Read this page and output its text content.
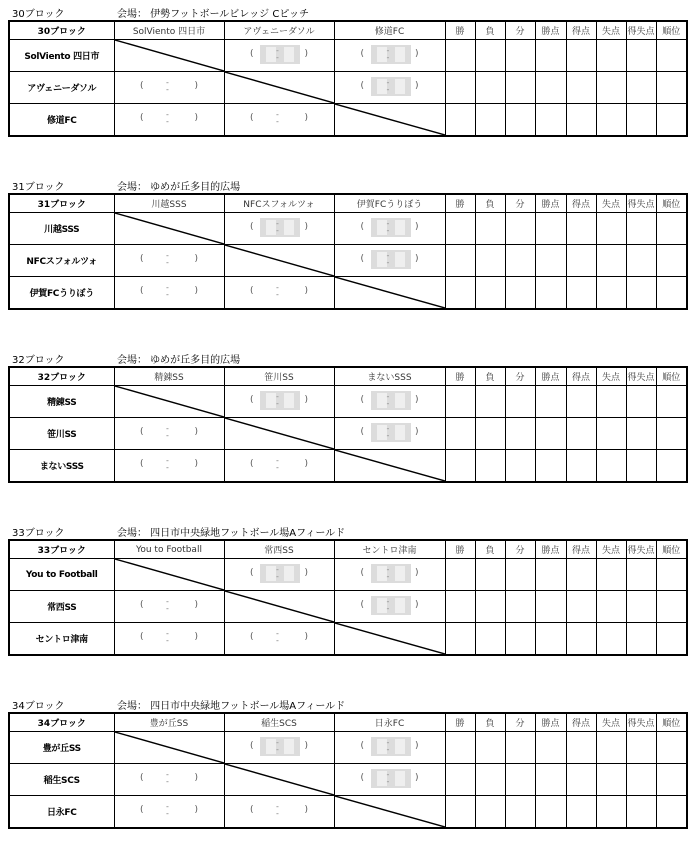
30ブロック	会場： 伊勢フットボールビレッジ Cピッチ
30ブロック	SolViento 四日市	アヴェニーダソル	修道FC	勝	負	分	勝点	得点	失点	得失点	順位
SolViento 四日市		( -
- )	( -
- )								

アヴェニーダソル	( -
- )		( -
- )								

修道FC	( -
- )	( -
- )

31ブロック	会場： ゆめが丘多目的広場
31ブロック	川越SSS	NFCスフォルツォ	伊賀FCうりぼう	勝	負	分	勝点	得点	失点	得失点	順位
川越SSS		( -
- )	( -
- )								

NFCスフォルツォ	( -
- )		( -
- )								

伊賀FCうりぼう	( -
- )	( -
- )

32ブロック	会場： ゆめが丘多目的広場
32ブロック	精錬SS	笹川SS	まないSSS	勝	負	分	勝点	得点	失点	得失点	順位
精錬SS		( -
- )	( -
- )								

笹川SS	( -
- )		( -
- )								

まないSSS	( -
- )	( -
- )

33ブロック	会場： 四日市中央緑地フットボール場Aフィールド
33ブロック	You to Football	常西SS	セントロ津南	勝	負	分	勝点	得点	失点	得失点	順位
You to Football		( -
- )	( -
- )								

常西SS	( -
- )		( -
- )								

セントロ津南	( -
- )	( -
- )

34ブロック	会場： 四日市中央緑地フットボール場Aフィールド
34ブロック	豊が丘SS	稲生SCS	日永FC	勝	負	分	勝点	得点	失点	得失点	順位
豊が丘SS		( -
- )	( -
- )								

稲生SCS	( -
- )		( -
- )								

日永FC	( -
- )	( -
- )
